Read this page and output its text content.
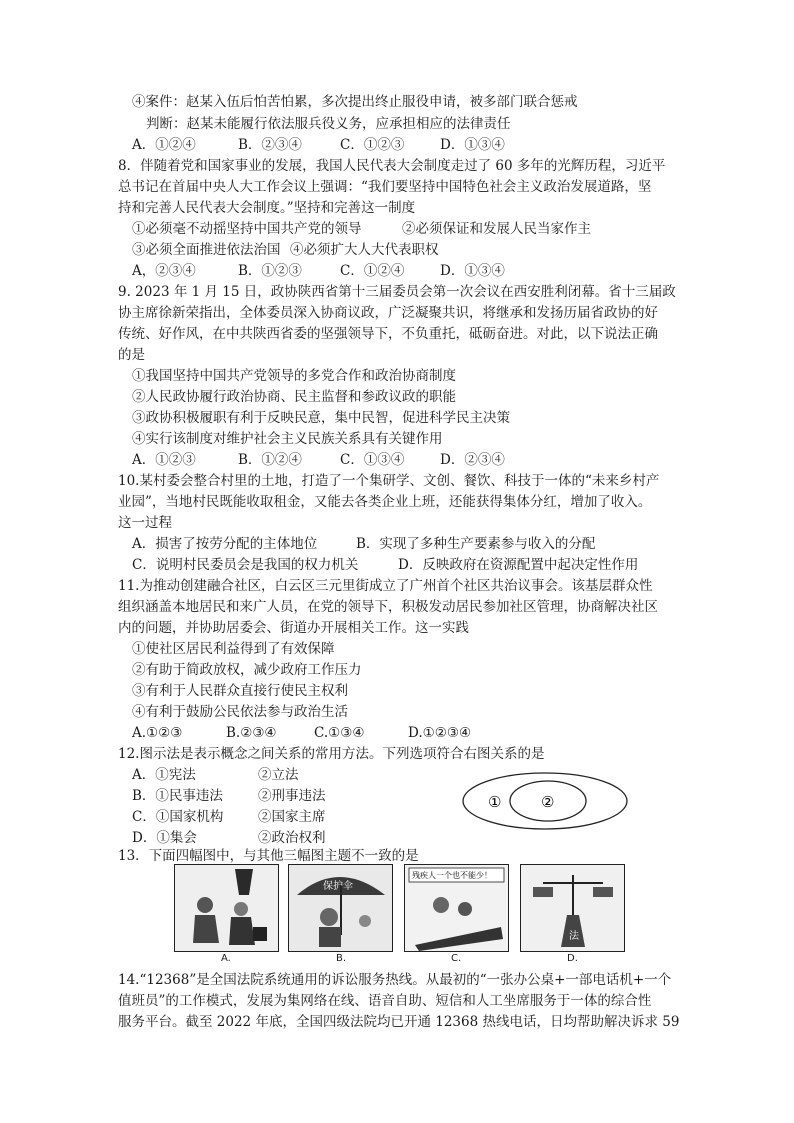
④案件：赵某入伍后怕苦怕累，多次提出终止服役申请，被多部门联合惩戒
判断：赵某未能履行依法服兵役义务，应承担相应的法律责任
A．①②④	B．②③④	C．①②③	D．①③④
8．伴随着党和国家事业的发展，我国人民代表大会制度走过了 60 多年的光辉历程，习近平
总书记在首届中央人大工作会议上强调：“我们要坚持中国特色社会主义政治发展道路，坚
持和完善人民代表大会制度。”坚持和完善这一制度
①必须毫不动摇坚持中国共产党的领导	②必须保证和发展人民当家作主
③必须全面推进依法治国 ④必须扩大人大代表职权
A，②③④	B．①②③	C．①②④	D．①③④
9. 2023 年 1 月 15 日，政协陕西省第十三届委员会第一次会议在西安胜利闭幕。省十三届政
协主席徐新荣指出，全体委员深入协商议政，广泛凝聚共识，将继承和发扬历届省政协的好
传统、好作风，在中共陕西省委的坚强领导下，不负重托，砥砺奋进。对此，以下说法正确
的是
①我国坚持中国共产党领导的多党合作和政治协商制度
②人民政协履行政治协商、民主监督和参政议政的职能
③政协积极履职有利于反映民意，集中民智，促进科学民主决策
④实行该制度对维护社会主义民族关系具有关键作用
A．①②③	B．①②④	C．①③④	D．②③④
10.某村委会整合村里的土地，打造了一个集研学、文创、餐饮、科技于一体的“未来乡村产
业园”，当地村民既能收取租金，又能去各类企业上班，还能获得集体分红，增加了收入。
这一过程
A．损害了按劳分配的主体地位	B．实现了多种生产要素参与收入的分配
C．说明村民委员会是我国的权力机关	D．反映政府在资源配置中起决定性作用
11.为推动创建融合社区，白云区三元里街成立了广州首个社区共治议事会。该基层群众性
组织涵盖本地居民和来广人员，在党的领导下，积极发动居民参加社区管理，协商解决社区
内的问题，并协助居委会、街道办开展相关工作。这一实践
①使社区居民利益得到了有效保障
②有助于简政放权，减少政府工作压力
③有利于人民群众直接行使民主权利
④有利于鼓励公民依法参与政治生活
A.①②③	B.②③④	C.①③④	D.①②③④
12.图示法是表示概念之间关系的常用方法。下列选项符合右图关系的是
A．①宪法	②立法
B．①民事违法	②刑事违法
C．①国家机构	②国家主席
D．①集会	②政治权利
①	②
13．下面四幅图中，与其他三幅图主题不一致的是
保护伞
残疾人一个也不能少！
法
A.	B.	C.	D.
14.“12368”是全国法院系统通用的诉讼服务热线。从最初的“一张办公桌+一部电话机+一个
值班员”的工作模式，发展为集网络在线、语音自助、短信和人工坐席服务于一体的综合性
服务平台。截至 2022 年底，全国四级法院均已开通 12368 热线电话，日均帮助解决诉求 59
